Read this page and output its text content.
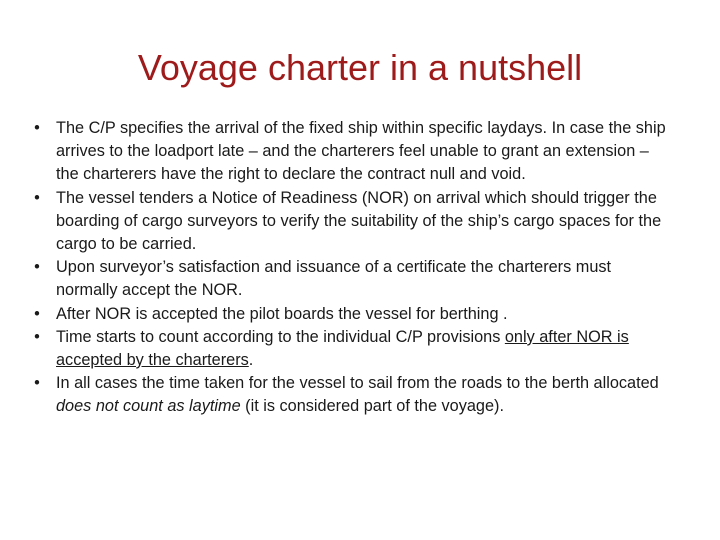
Voyage charter in a nutshell
• The C/P specifies the arrival of the fixed ship within specific laydays. In case the ship arrives to the loadport late – and the charterers feel unable to grant an extension – the charterers have the right to declare the contract null and void.
• The vessel tenders a Notice of Readiness (NOR) on arrival which should trigger the boarding of cargo surveyors to verify the suitability of the ship’s cargo spaces for the cargo to be carried.
• Upon surveyor’s satisfaction and issuance of a certificate the charterers must normally accept the NOR.
• After NOR is accepted the pilot boards the vessel for berthing .
• Time starts to count according to the individual C/P provisions only after NOR is accepted by the charterers.
• In all cases the time taken for the vessel to sail from the roads to the berth allocated does not count as laytime (it is considered part of the voyage).
